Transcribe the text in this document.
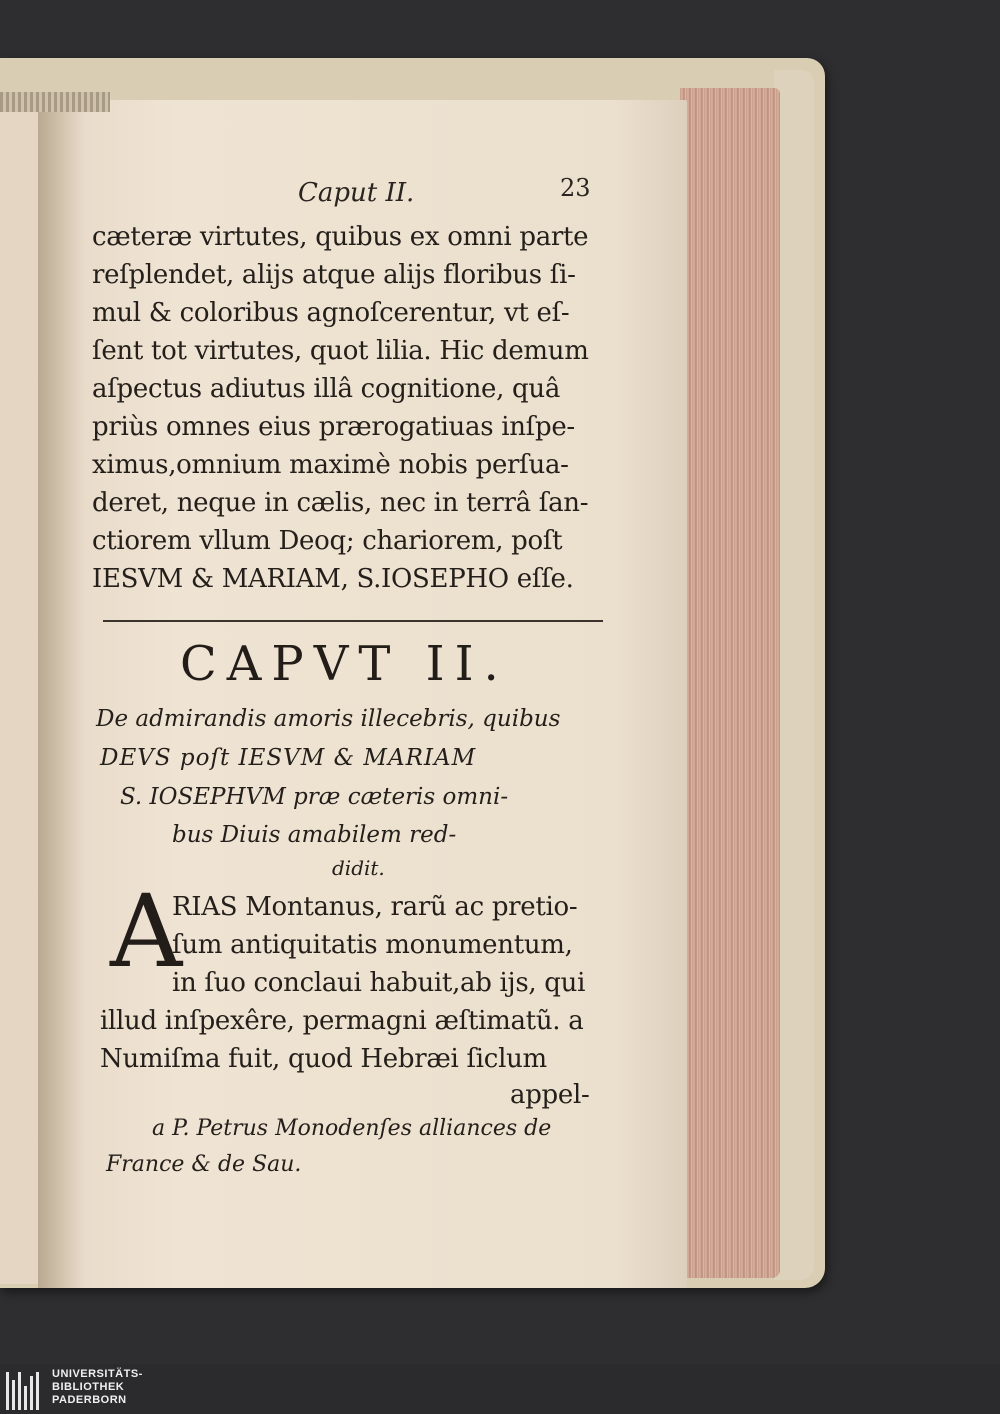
Caput II.	23
cæteræ virtutes, quibus ex omni parte
reſplendet, alijs atque alijs floribus ſi-
mul & coloribus agnoſcerentur, vt eſ-
ſent tot virtutes, quot lilia. Hic demum
aſpectus adiutus illâ cognitione, quâ
priùs omnes eius prærogatiuas inſpe-
ximus,omnium maximè nobis perſua-
deret, neque in cælis, nec in terrâ ſan-
ctiorem vllum Deoq; chariorem, poſt
IESVM & MARIAM, S.IOSEPHO eſſe.
CAPVT II.
De admirandis amoris illecebris, quibus
DEVS poſt IESVM & MARIAM
S. IOSEPHVM præ cæteris omni-
bus Diuis amabilem red-
didit.
A
RIAS Montanus, rarũ ac pretio-
ſum antiquitatis monumentum,
in ſuo conclaui habuit,ab ijs, qui
illud inſpexêre, permagni æſtimatũ. a
Numiſma fuit, quod Hebræi ſiclum
appel-
a P. Petrus Monodenſes alliances de
France & de Sau.
UNIVERSITÄTS-
BIBLIOTHEK
PADERBORN
